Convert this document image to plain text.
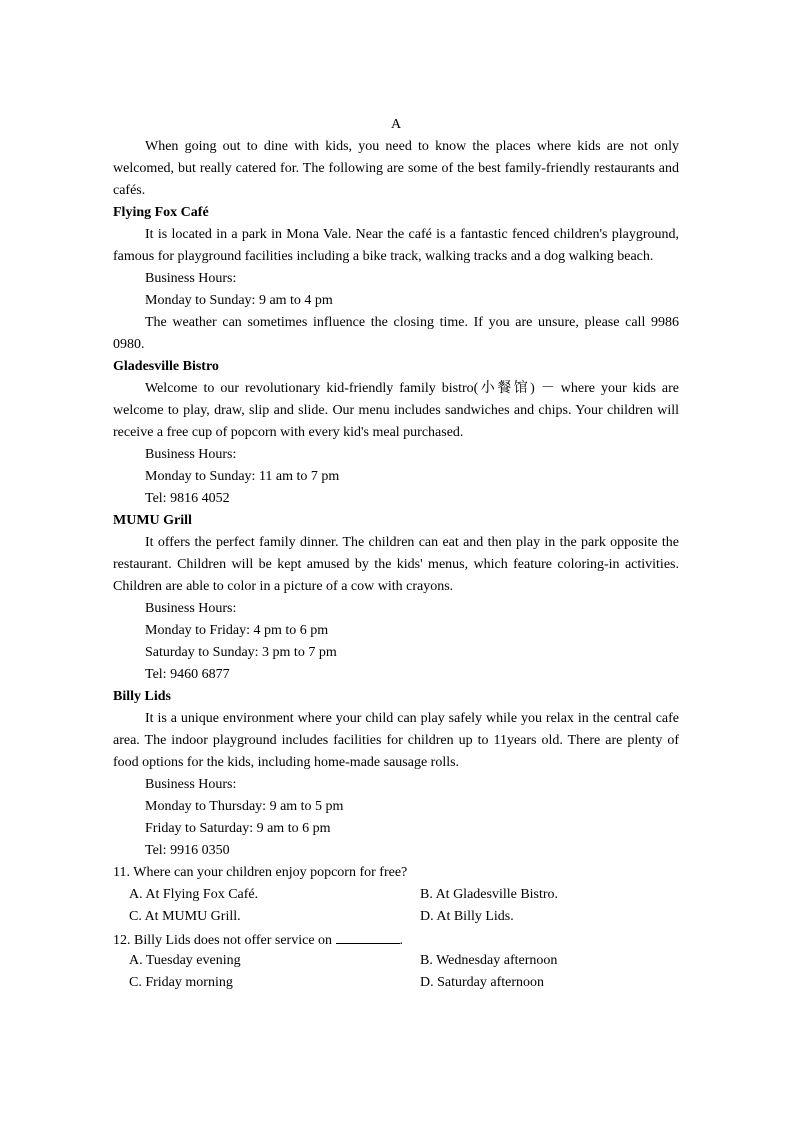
A

When going out to dine with kids, you need to know the places where kids are not only welcomed, but really catered for. The following are some of the best family-friendly restaurants and cafés.

Flying Fox Café

It is located in a park in Mona Vale. Near the café is a fantastic fenced children's playground, famous for playground facilities including a bike track, walking tracks and a dog walking beach.

Business Hours:
Monday to Sunday: 9 am to 4 pm

The weather can sometimes influence the closing time. If you are unsure, please call 9986 0980.

Gladesville Bistro

Welcome to our revolutionary kid-friendly family bistro(小餐馆) － where your kids are welcome to play, draw, slip and slide. Our menu includes sandwiches and chips. Your children will receive a free cup of popcorn with every kid's meal purchased.

Business Hours:
Monday to Sunday: 11 am to 7 pm
Tel: 9816 4052
MUMU Grill

It offers the perfect family dinner. The children can eat and then play in the park opposite the restaurant. Children will be kept amused by the kids' menus, which feature coloring-in activities. Children are able to color in a picture of a cow with crayons.

Business Hours:
Monday to Friday: 4 pm to 6 pm
Saturday to Sunday: 3 pm to 7 pm
Tel: 9460 6877
Billy Lids

It is a unique environment where your child can play safely while you relax in the central cafe area. The indoor playground includes facilities for children up to 11years old. There are plenty of food options for the kids, including home-made sausage rolls.

Business Hours:
Monday to Thursday: 9 am to 5 pm
Friday to Saturday: 9 am to 6 pm
Tel: 9916 0350
11. Where can your children enjoy popcorn for free?
A. At Flying Fox Café.	B. At Gladesville Bistro.
C. At MUMU Grill.	D. At Billy Lids.
12. Billy Lids does not offer service on	.
A. Tuesday evening	B. Wednesday afternoon
C. Friday morning	D. Saturday afternoon
